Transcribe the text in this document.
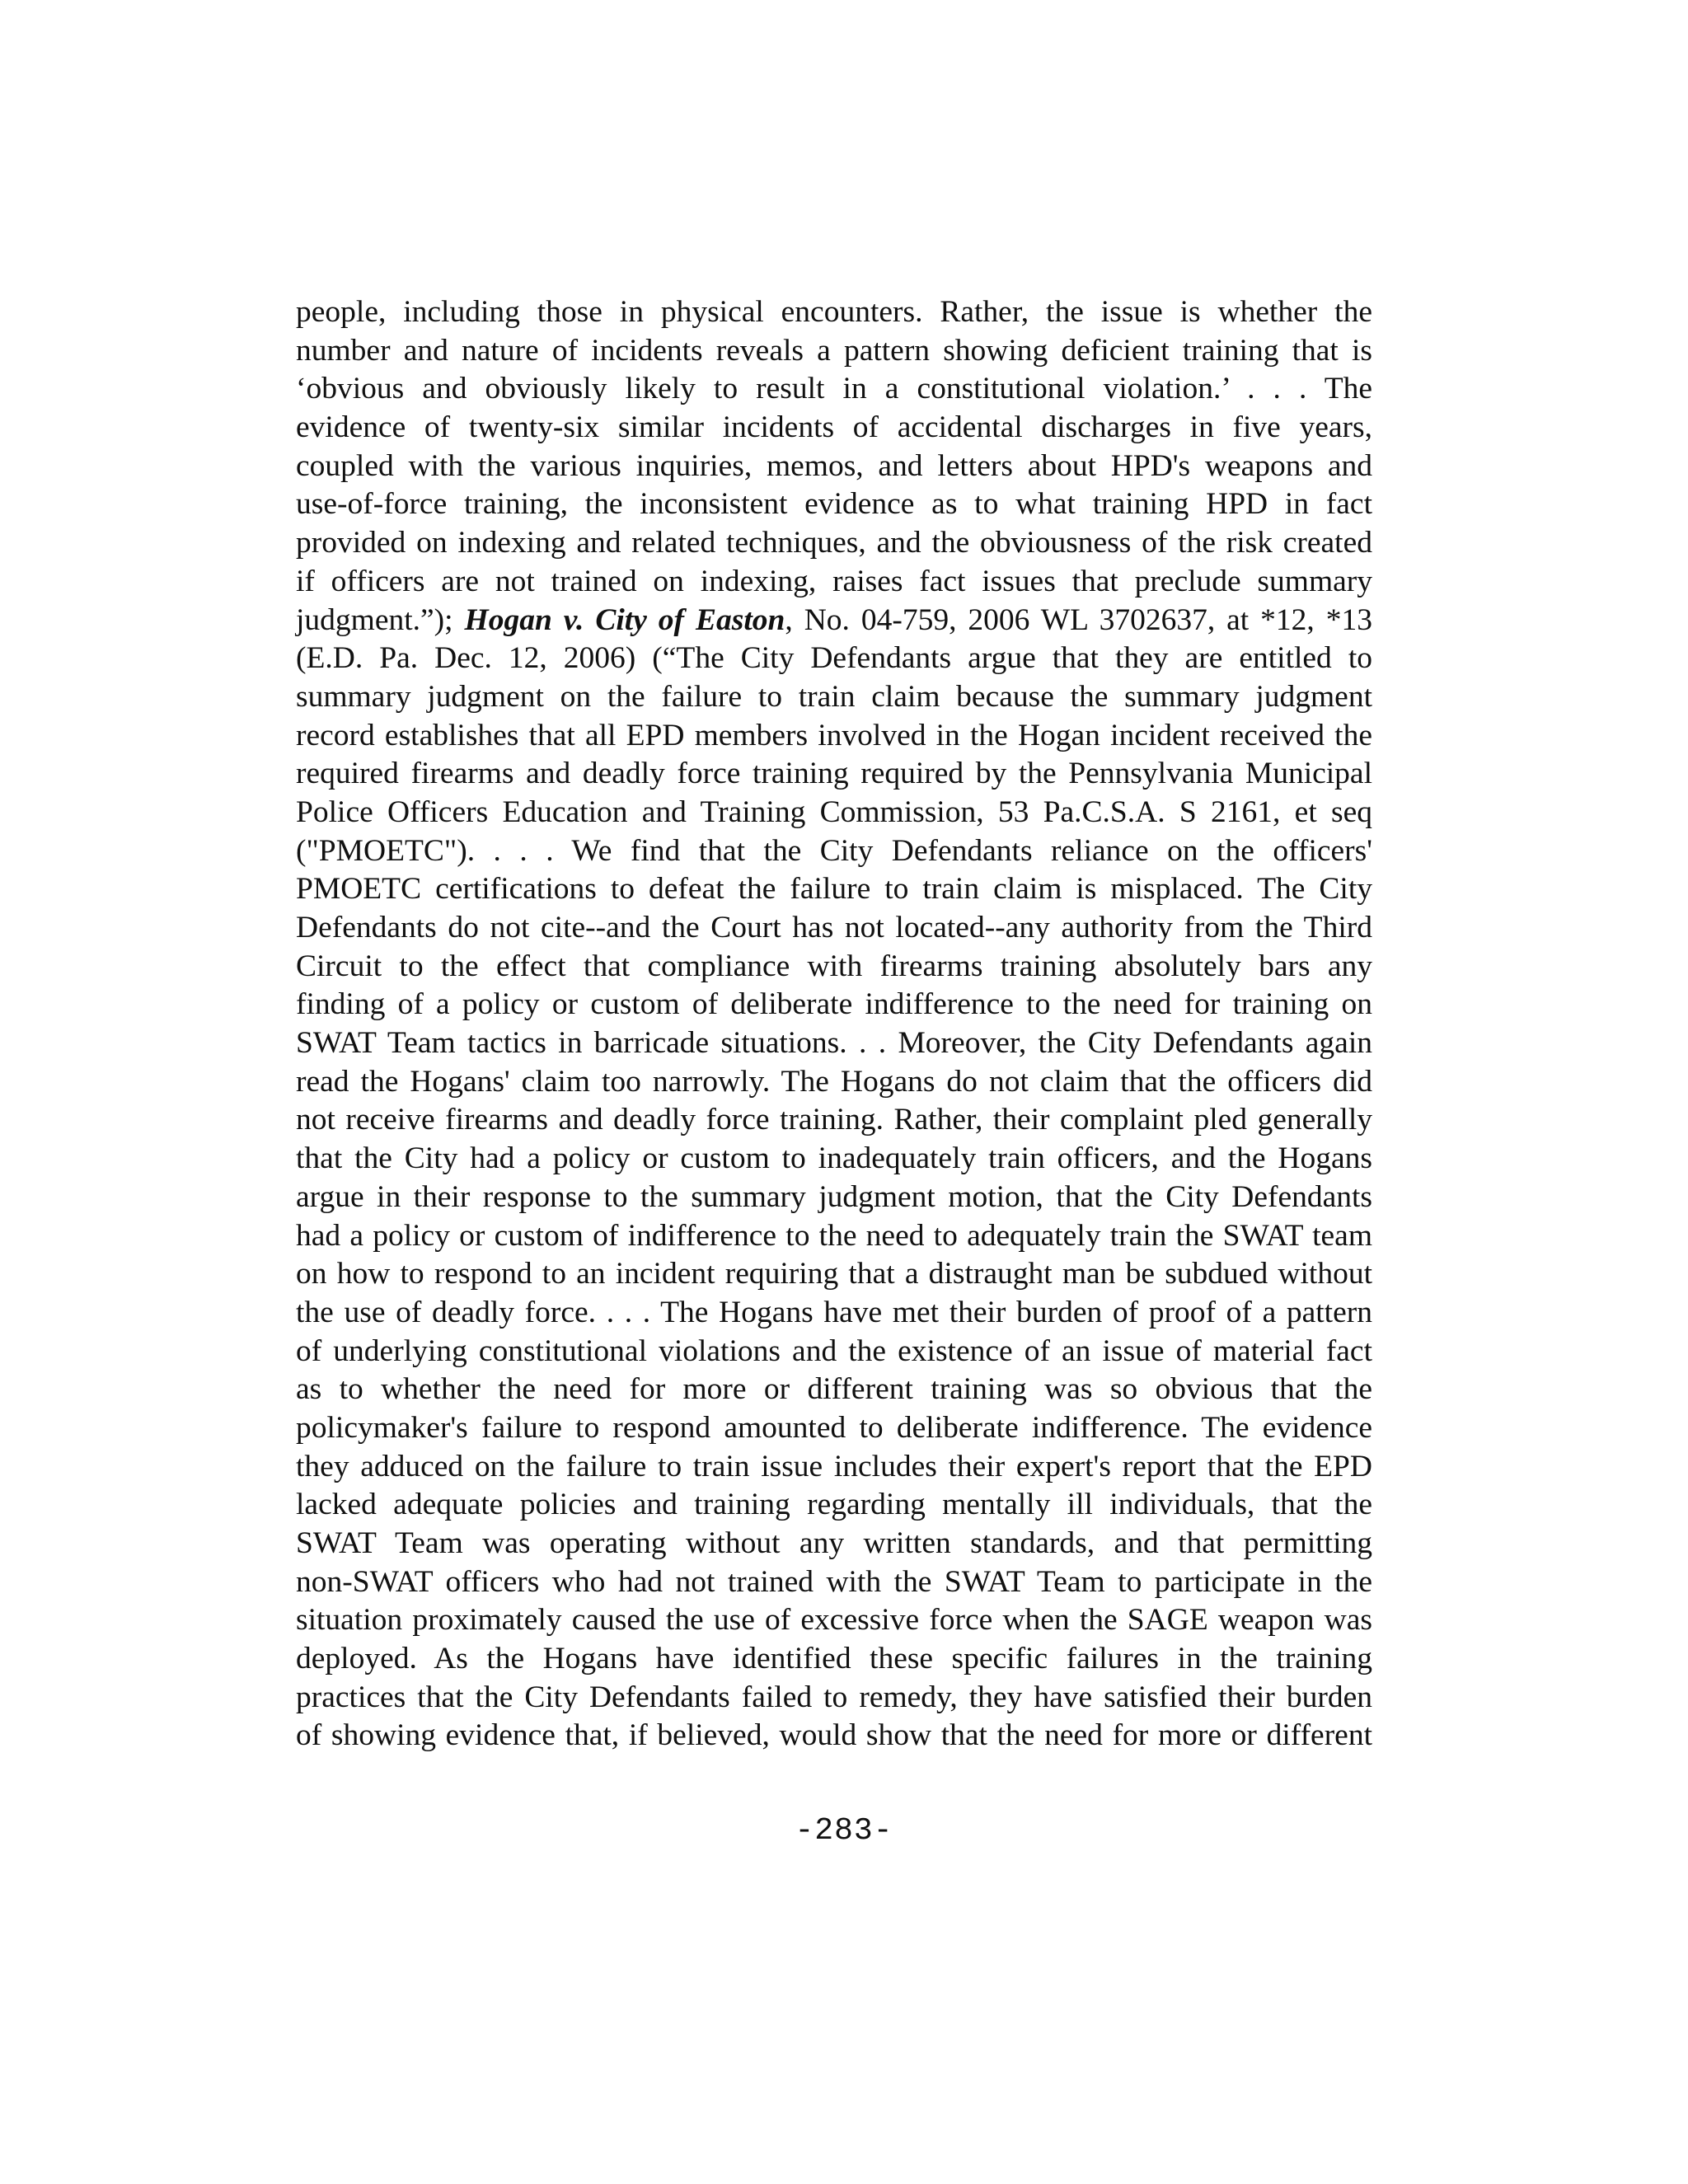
people, including those in physical encounters. Rather, the issue is whether the
number and nature of incidents reveals a pattern showing deficient training that is
‘obvious and obviously likely to result in a constitutional violation.’ . . . The
evidence of twenty-six similar incidents of accidental discharges in five years,
coupled with the various inquiries, memos, and letters about HPD's weapons and
use-of-force training, the inconsistent evidence as to what training HPD in fact
provided on indexing and related techniques, and the obviousness of the risk created
if officers are not trained on indexing, raises fact issues that preclude summary
judgment.”); Hogan v. City of Easton, No. 04-759, 2006 WL 3702637, at *12, *13
(E.D. Pa. Dec. 12, 2006) (“The City Defendants argue that they are entitled to
summary judgment on the failure to train claim because the summary judgment
record establishes that all EPD members involved in the Hogan incident received the
required firearms and deadly force training required by the Pennsylvania Municipal
Police Officers Education and Training Commission, 53 Pa.C.S.A. S 2161, et seq
("PMOETC"). . . . We find that the City Defendants reliance on the officers'
PMOETC certifications to defeat the failure to train claim is misplaced. The City
Defendants do not cite--and the Court has not located--any authority from the Third
Circuit to the effect that compliance with firearms training absolutely bars any
finding of a policy or custom of deliberate indifference to the need for training on
SWAT Team tactics in barricade situations. . . Moreover, the City Defendants again
read the Hogans' claim too narrowly. The Hogans do not claim that the officers did
not receive firearms and deadly force training. Rather, their complaint pled generally
that the City had a policy or custom to inadequately train officers, and the Hogans
argue in their response to the summary judgment motion, that the City Defendants
had a policy or custom of indifference to the need to adequately train the SWAT team
on how to respond to an incident requiring that a distraught man be subdued without
the use of deadly force. . . . The Hogans have met their burden of proof of a pattern
of underlying constitutional violations and the existence of an issue of material fact
as to whether the need for more or different training was so obvious that the
policymaker's failure to respond amounted to deliberate indifference. The evidence
they adduced on the failure to train issue includes their expert's report that the EPD
lacked adequate policies and training regarding mentally ill individuals, that the
SWAT Team was operating without any written standards, and that permitting
non-SWAT officers who had not trained with the SWAT Team to participate in the
situation proximately caused the use of excessive force when the SAGE weapon was
deployed. As the Hogans have identified these specific failures in the training
practices that the City Defendants failed to remedy, they have satisfied their burden
of showing evidence that, if believed, would show that the need for more or different
-283-
